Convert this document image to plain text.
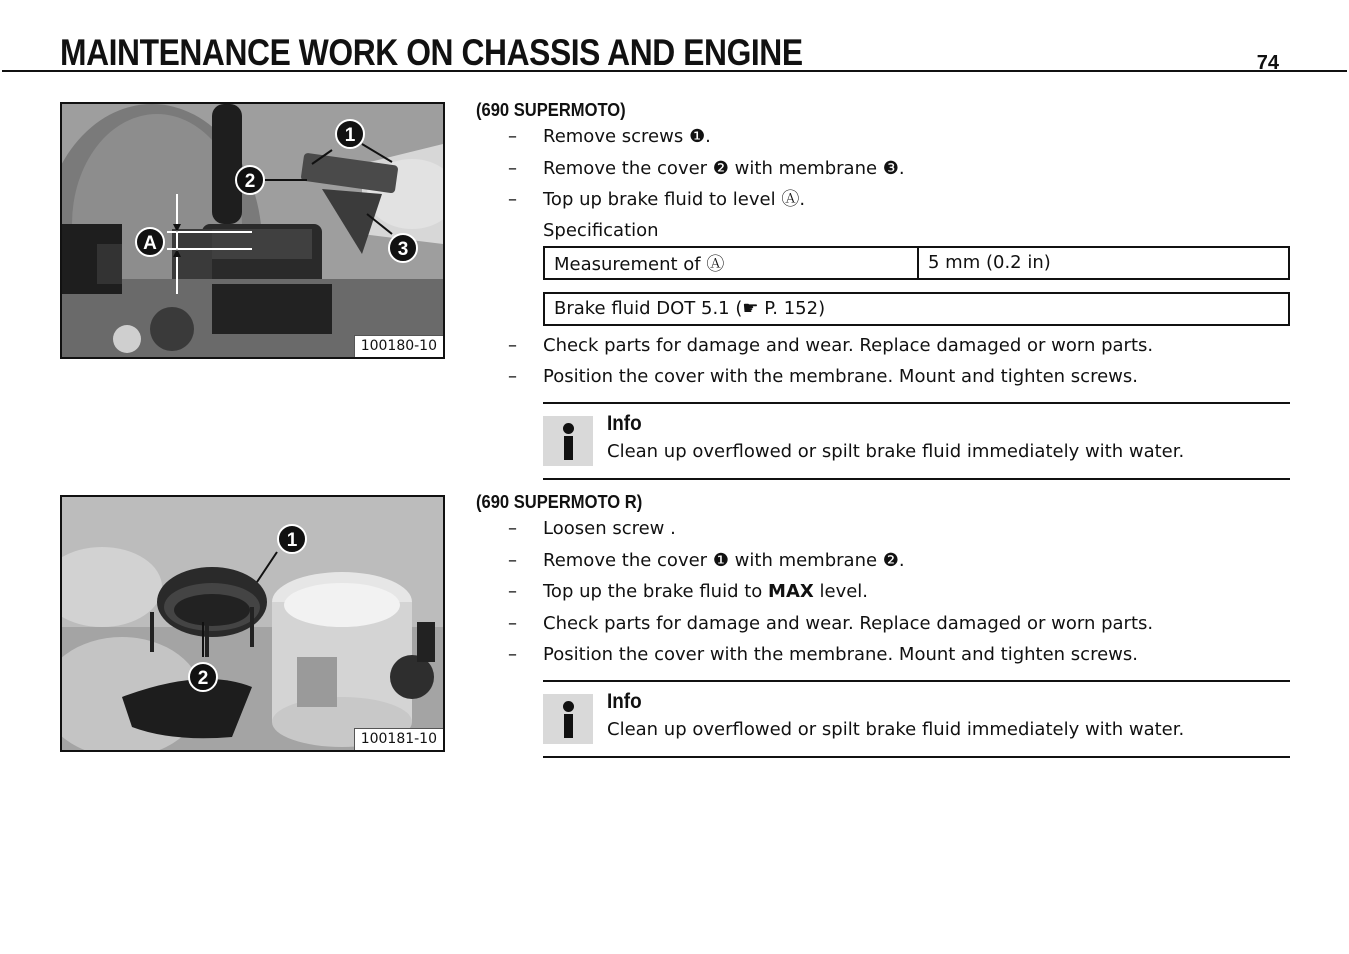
MAINTENANCE WORK ON CHASSIS AND ENGINE	74
1
2
3
A
100180-10
1
2
100181-10
(690 SUPERMOTO)
– Remove screws ❶.
– Remove the cover ❷ with membrane ❸.
– Top up brake fluid to level Ⓐ.
Specification
Measurement of Ⓐ	5 mm (0.2 in)
Brake fluid DOT 5.1 (☛ P. 152)
– Check parts for damage and wear. Replace damaged or worn parts.
– Position the cover with the membrane. Mount and tighten screws.
Info
Clean up overflowed or spilt brake fluid immediately with water.
(690 SUPERMOTO R)
– Loosen screw .
– Remove the cover ❶ with membrane ❷.
– Top up the brake fluid to MAX level.
– Check parts for damage and wear. Replace damaged or worn parts.
– Position the cover with the membrane. Mount and tighten screws.
Info
Clean up overflowed or spilt brake fluid immediately with water.
